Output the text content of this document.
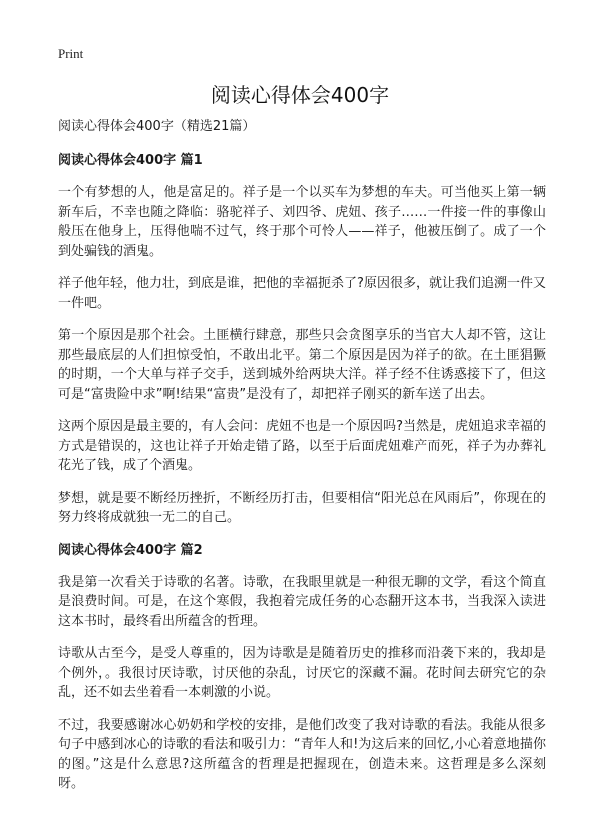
Print
阅读心得体会400字

阅读心得体会400字（精选21篇）

阅读心得体会400字 篇1

一个有梦想的人，他是富足的。祥子是一个以买车为梦想的车夫。可当他买上第一辆新车后，不幸也随之降临：骆驼祥子、刘四爷、虎妞、孩子……一件接一件的事像山般压在他身上，压得他喘不过气，终于那个可怜人——祥子，他被压倒了。成了一个到处骗钱的酒鬼。

祥子他年轻，他力壮，到底是谁，把他的幸福扼杀了?原因很多，就让我们追溯一件又一件吧。

第一个原因是那个社会。土匪横行肆意，那些只会贪图享乐的当官大人却不管，这让那些最底层的人们担惊受怕，不敢出北平。第二个原因是因为祥子的欲。在土匪猖獗的时期，一个大单与祥子交手，送到城外给两块大洋。祥子经不住诱惑接下了，但这可是“富贵险中求”啊!结果“富贵”是没有了，却把祥子刚买的新车送了出去。

这两个原因是最主要的，有人会问：虎妞不也是一个原因吗?当然是，虎妞追求幸福的方式是错误的，这也让祥子开始走错了路，以至于后面虎妞难产而死，祥子为办葬礼花光了钱，成了个酒鬼。

梦想，就是要不断经历挫折，不断经历打击，但要相信“阳光总在风雨后”，你现在的努力终将成就独一无二的自己。

阅读心得体会400字 篇2

我是第一次看关于诗歌的名著。诗歌，在我眼里就是一种很无聊的文学，看这个简直是浪费时间。可是，在这个寒假，我抱着完成任务的心态翻开这本书，当我深入读进这本书时，最终看出所蕴含的哲理。

诗歌从古至今，是受人尊重的，因为诗歌是是随着历史的推移而沿袭下来的，我却是个例外，。我很讨厌诗歌，讨厌他的杂乱，讨厌它的深藏不漏。花时间去研究它的杂乱，还不如去坐着看一本刺激的小说。

不过，我要感谢冰心奶奶和学校的安排，是他们改变了我对诗歌的看法。我能从很多句子中感到冰心的诗歌的看法和吸引力：“青年人和!为这后来的回忆,小心着意地描你的图。”这是什么意思?这所蕴含的哲理是把握现在，创造未来。这哲理是多么深刻呀。
